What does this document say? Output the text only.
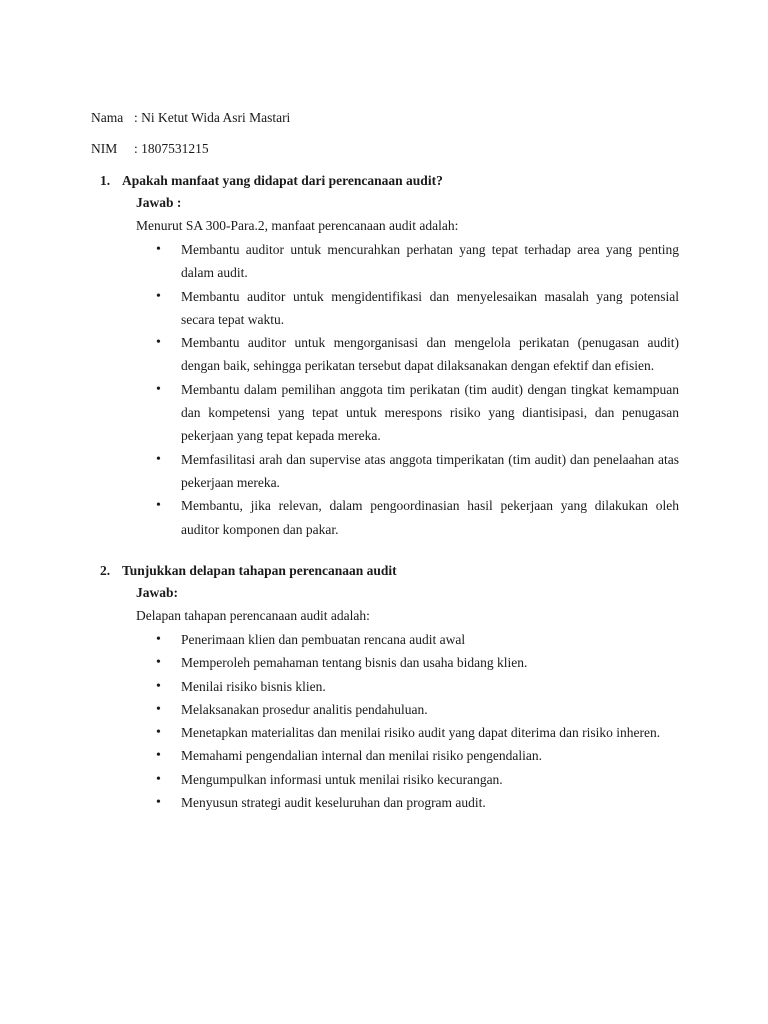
Nama : Ni Ketut Wida Asri Mastari
NIM : 1807531215
1. Apakah manfaat yang didapat dari perencanaan audit?
Jawab :
Menurut SA 300-Para.2, manfaat perencanaan audit adalah:
•	Membantu auditor untuk mencurahkan perhatan yang tepat terhadap area yang penting dalam audit.
•	Membantu auditor untuk mengidentifikasi dan menyelesaikan masalah yang potensial secara tepat waktu.
•	Membantu auditor untuk mengorganisasi dan mengelola perikatan (penugasan audit) dengan baik, sehingga perikatan tersebut dapat dilaksanakan dengan efektif dan efisien.
•	Membantu dalam pemilihan anggota tim perikatan (tim audit) dengan tingkat kemampuan dan kompetensi yang tepat untuk merespons risiko yang diantisipasi, dan penugasan pekerjaan yang tepat kepada mereka.
•	Memfasilitasi arah dan supervise atas anggota timperikatan (tim audit) dan penelaahan atas pekerjaan mereka.
•	Membantu, jika relevan, dalam pengoordinasian hasil pekerjaan yang dilakukan oleh auditor komponen dan pakar.
2. Tunjukkan delapan tahapan perencanaan audit
Jawab:
Delapan tahapan perencanaan audit adalah:
•	Penerimaan klien dan pembuatan rencana audit awal
•	Memperoleh pemahaman tentang bisnis dan usaha bidang klien.
•	Menilai risiko bisnis klien.
•	Melaksanakan prosedur analitis pendahuluan.
•	Menetapkan materialitas dan menilai risiko audit yang dapat diterima dan risiko inheren.
•	Memahami pengendalian internal dan menilai risiko pengendalian.
•	Mengumpulkan informasi untuk menilai risiko kecurangan.
•	Menyusun strategi audit keseluruhan dan program audit.
